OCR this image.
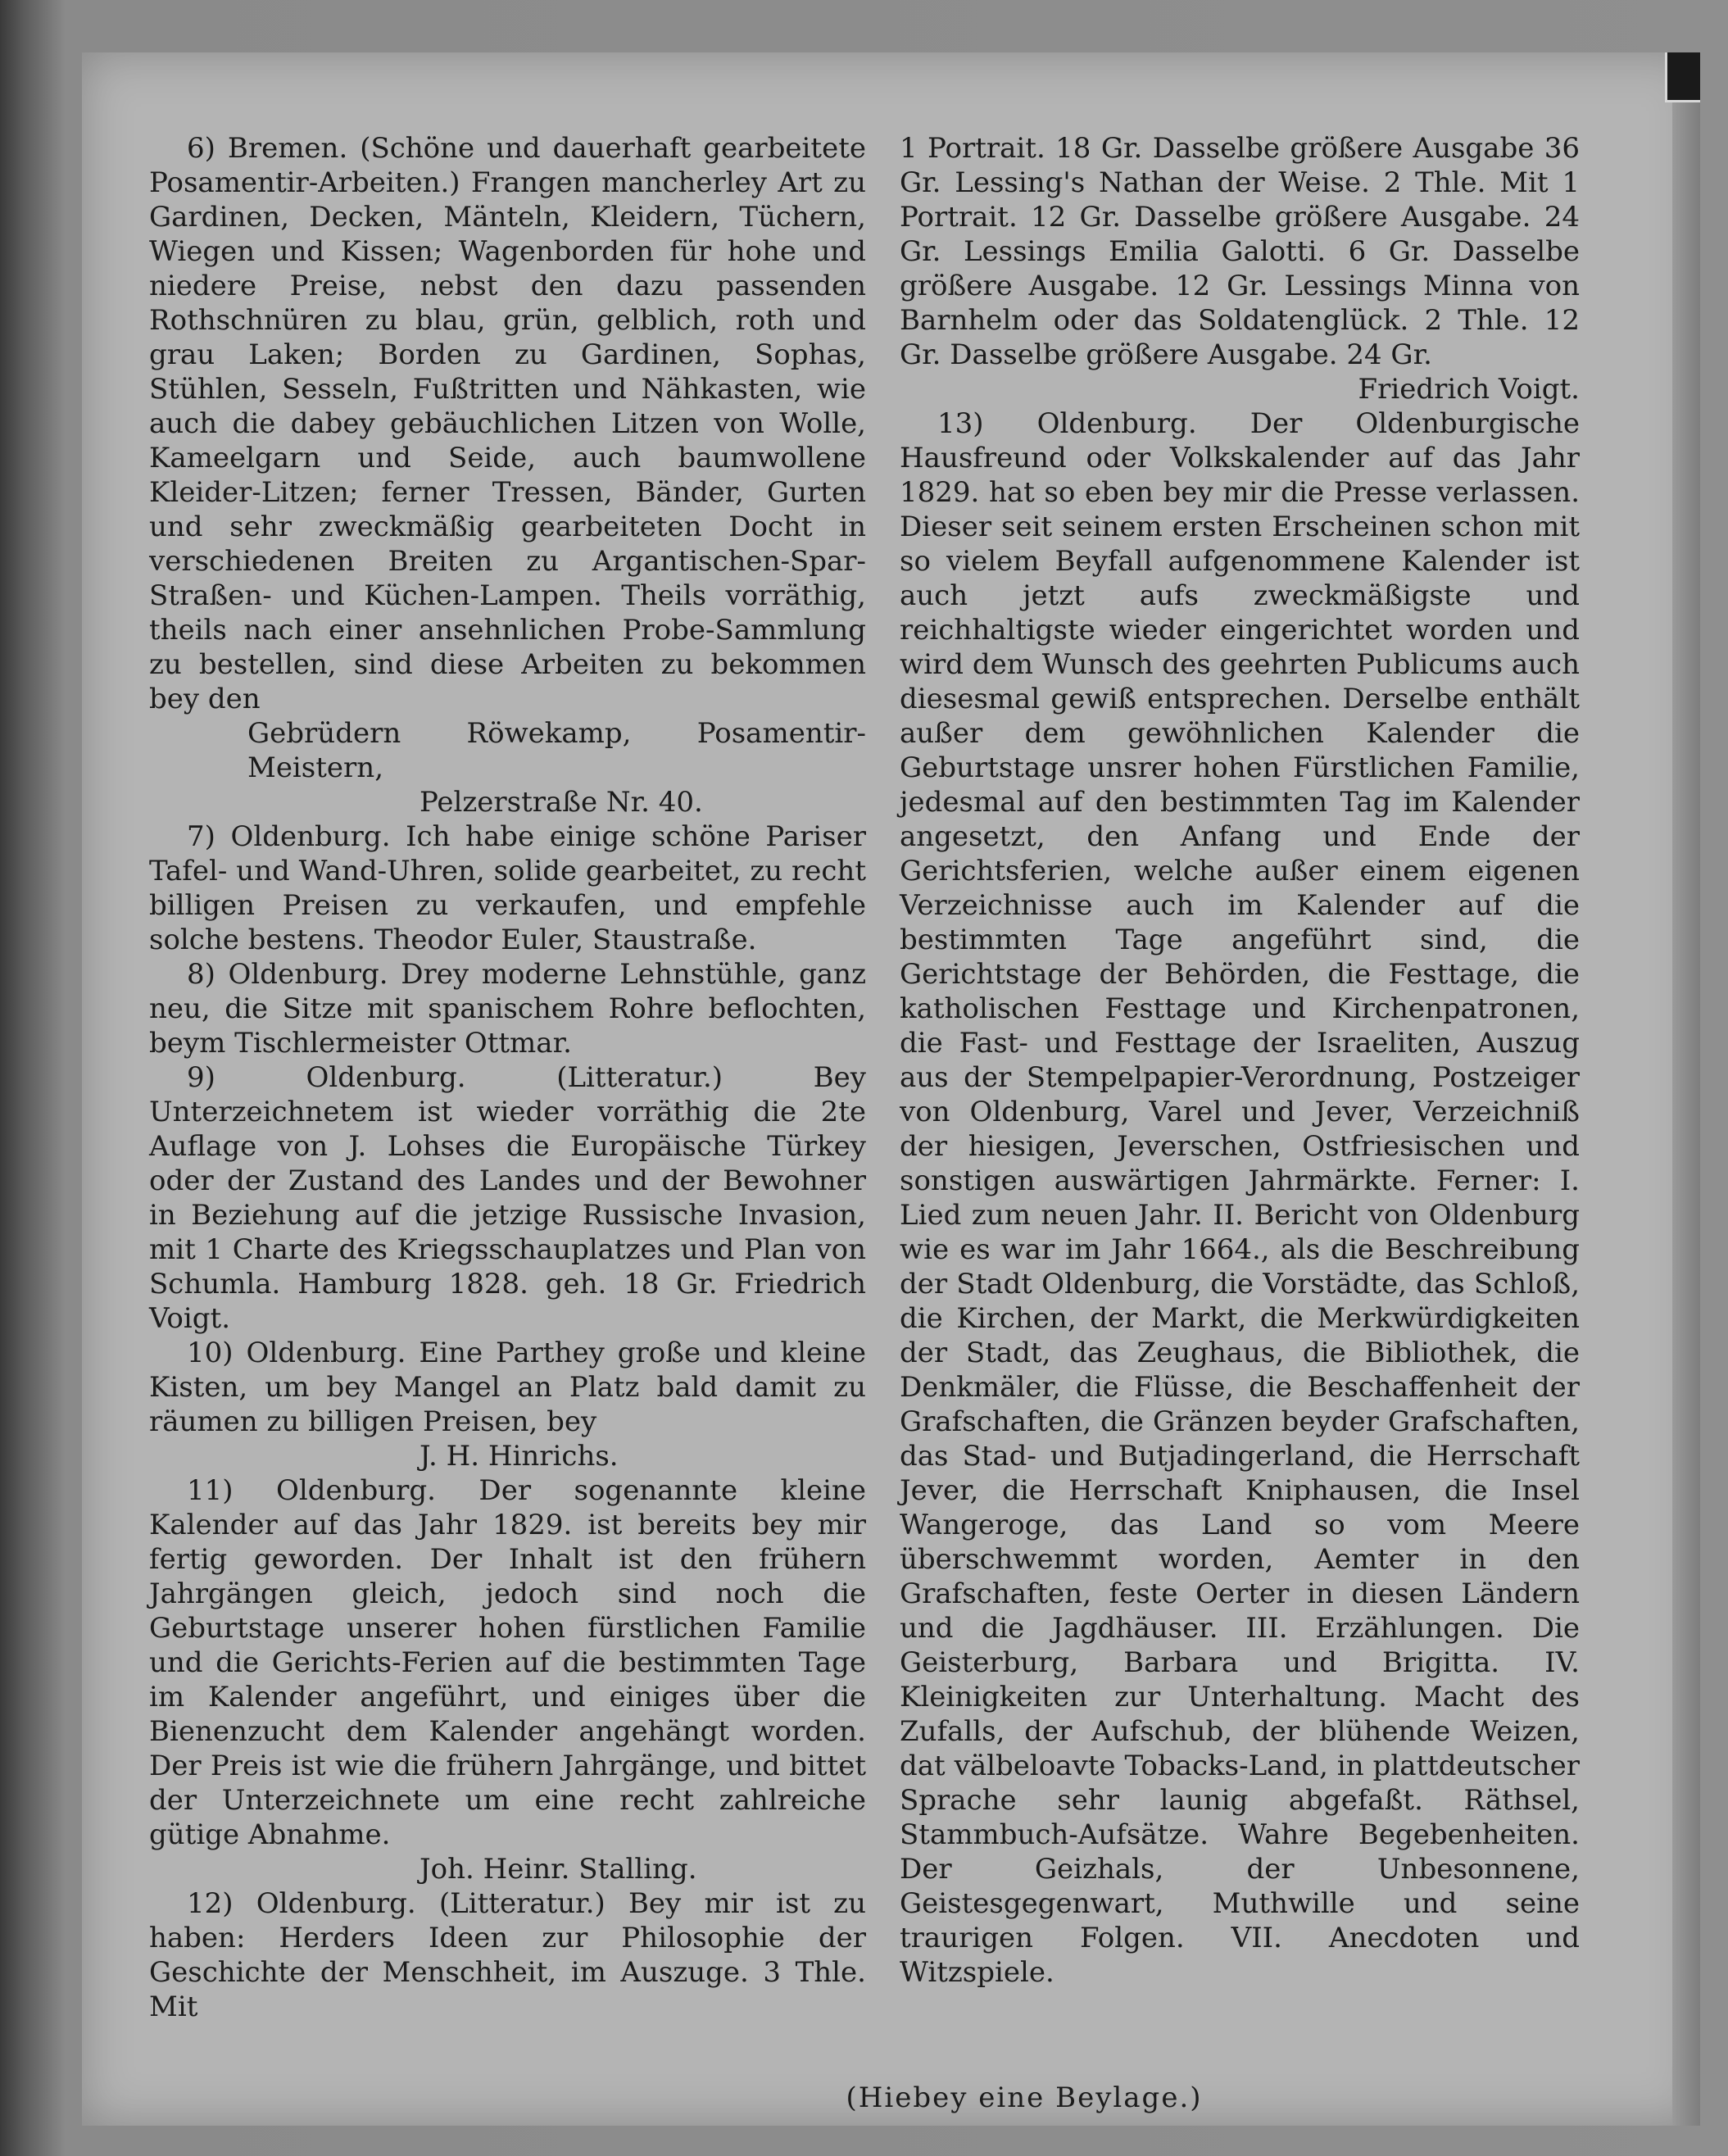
6) Bremen. (Schöne und dauerhaft gearbeitete Posamentir-Arbeiten.) Frangen mancherley Art zu Gardinen, Decken, Mänteln, Kleidern, Tüchern, Wiegen und Kissen; Wagenborden für hohe und niedere Preise, nebst den dazu passenden Rothschnüren zu blau, grün, gelblich, roth und grau Laken; Borden zu Gardinen, Sophas, Stühlen, Sesseln, Fußtritten und Nähkasten, wie auch die dabey gebäuchlichen Litzen von Wolle, Kameelgarn und Seide, auch baumwollene Kleider-Litzen; ferner Tressen, Bänder, Gurten und sehr zweckmäßig gearbeiteten Docht in verschiedenen Breiten zu Argantischen-Spar-Straßen- und Küchen-Lampen. Theils vorräthig, theils nach einer ansehnlichen Probe-Sammlung zu bestellen, sind diese Arbeiten zu bekommen bey den

Gebrüdern Röwekamp, Posamentir-Meistern,

Pelzerstraße Nr. 40.

7) Oldenburg. Ich habe einige schöne Pariser Tafel- und Wand-Uhren, solide gearbeitet, zu recht billigen Preisen zu verkaufen, und empfehle solche bestens. Theodor Euler, Staustraße.

8) Oldenburg. Drey moderne Lehnstühle, ganz neu, die Sitze mit spanischem Rohre beflochten, beym Tischlermeister Ottmar.

9) Oldenburg. (Litteratur.) Bey Unterzeichnetem ist wieder vorräthig die 2te Auflage von J. Lohses die Europäische Türkey oder der Zustand des Landes und der Bewohner in Beziehung auf die jetzige Russische Invasion, mit 1 Charte des Kriegsschauplatzes und Plan von Schumla. Hamburg 1828. geh. 18 Gr. Friedrich Voigt.

10) Oldenburg. Eine Parthey große und kleine Kisten, um bey Mangel an Platz bald damit zu räumen zu billigen Preisen, bey

J. H. Hinrichs.

11) Oldenburg. Der sogenannte kleine Kalender auf das Jahr 1829. ist bereits bey mir fertig geworden. Der Inhalt ist den frühern Jahrgängen gleich, jedoch sind noch die Geburtstage unserer hohen fürstlichen Familie und die Gerichts-Ferien auf die bestimmten Tage im Kalender angeführt, und einiges über die Bienenzucht dem Kalender angehängt worden. Der Preis ist wie die frühern Jahrgänge, und bittet der Unterzeichnete um eine recht zahlreiche gütige Abnahme.

Joh. Heinr. Stalling.

12) Oldenburg. (Litteratur.) Bey mir ist zu haben: Herders Ideen zur Philosophie der Geschichte der Menschheit, im Auszuge. 3 Thle. Mit

1 Portrait. 18 Gr. Dasselbe größere Ausgabe 36 Gr. Lessing's Nathan der Weise. 2 Thle. Mit 1 Portrait. 12 Gr. Dasselbe größere Ausgabe. 24 Gr. Lessings Emilia Galotti. 6 Gr. Dasselbe größere Ausgabe. 12 Gr. Lessings Minna von Barnhelm oder das Soldatenglück. 2 Thle. 12 Gr. Dasselbe größere Ausgabe. 24 Gr.

Friedrich Voigt.

13) Oldenburg. Der Oldenburgische Hausfreund oder Volkskalender auf das Jahr 1829. hat so eben bey mir die Presse verlassen. Dieser seit seinem ersten Erscheinen schon mit so vielem Beyfall aufgenommene Kalender ist auch jetzt aufs zweckmäßigste und reichhaltigste wieder eingerichtet worden und wird dem Wunsch des geehrten Publicums auch diesesmal gewiß entsprechen. Derselbe enthält außer dem gewöhnlichen Kalender die Geburtstage unsrer hohen Fürstlichen Familie, jedesmal auf den bestimmten Tag im Kalender angesetzt, den Anfang und Ende der Gerichtsferien, welche außer einem eigenen Verzeichnisse auch im Kalender auf die bestimmten Tage angeführt sind, die Gerichtstage der Behörden, die Festtage, die katholischen Festtage und Kirchenpatronen, die Fast- und Festtage der Israeliten, Auszug aus der Stempelpapier-Verordnung, Postzeiger von Oldenburg, Varel und Jever, Verzeichniß der hiesigen, Jeverschen, Ostfriesischen und sonstigen auswärtigen Jahrmärkte. Ferner: I. Lied zum neuen Jahr. II. Bericht von Oldenburg wie es war im Jahr 1664., als die Beschreibung der Stadt Oldenburg, die Vorstädte, das Schloß, die Kirchen, der Markt, die Merkwürdigkeiten der Stadt, das Zeughaus, die Bibliothek, die Denkmäler, die Flüsse, die Beschaffenheit der Grafschaften, die Gränzen beyder Grafschaften, das Stad- und Butjadingerland, die Herrschaft Jever, die Herrschaft Kniphausen, die Insel Wangeroge, das Land so vom Meere überschwemmt worden, Aemter in den Grafschaften, feste Oerter in diesen Ländern und die Jagdhäuser. III. Erzählungen. Die Geisterburg, Barbara und Brigitta. IV. Kleinigkeiten zur Unterhaltung. Macht des Zufalls, der Aufschub, der blühende Weizen, dat välbeloavte Tobacks-Land, in plattdeutscher Sprache sehr launig abgefaßt. Räthsel, Stammbuch-Aufsätze. Wahre Begebenheiten. Der Geizhals, der Unbesonnene, Geistesgegenwart, Muthwille und seine traurigen Folgen. VII. Anecdoten und Witzspiele.

(Hiebey eine Beylage.)
